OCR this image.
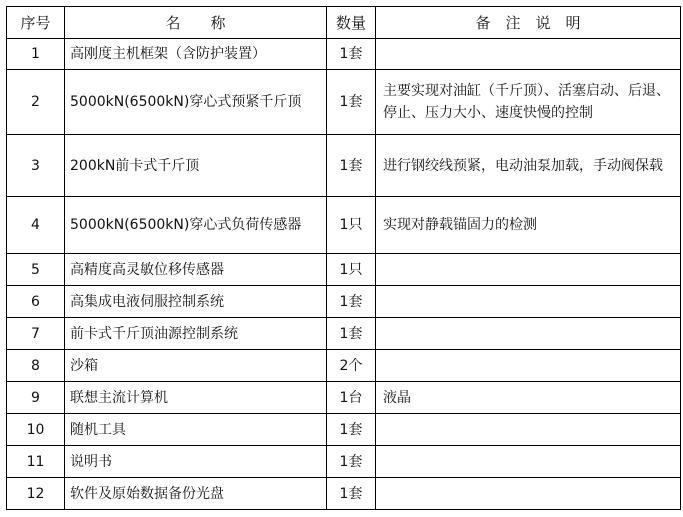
序号	名　　称	数量	备　注　说　明
1	高刚度主机框架（含防护装置）	1套	
2	5000kN(6500kN)穿心式预紧千斤顶	1套	主要实现对油缸（千斤顶）、活塞启动、后退、停止、压力大小、速度快慢的控制
3	200kN前卡式千斤顶	1套	进行钢绞线预紧，电动油泵加载，手动阀保载
4	5000kN(6500kN)穿心式负荷传感器	1只	实现对静载锚固力的检测
5	高精度高灵敏位移传感器	1只	
6	高集成电液伺服控制系统	1套	
7	前卡式千斤顶油源控制系统	1套	
8	沙箱	2个	
9	联想主流计算机	1台	液晶
10	随机工具	1套	
11	说明书	1套	
12	软件及原始数据备份光盘	1套	
